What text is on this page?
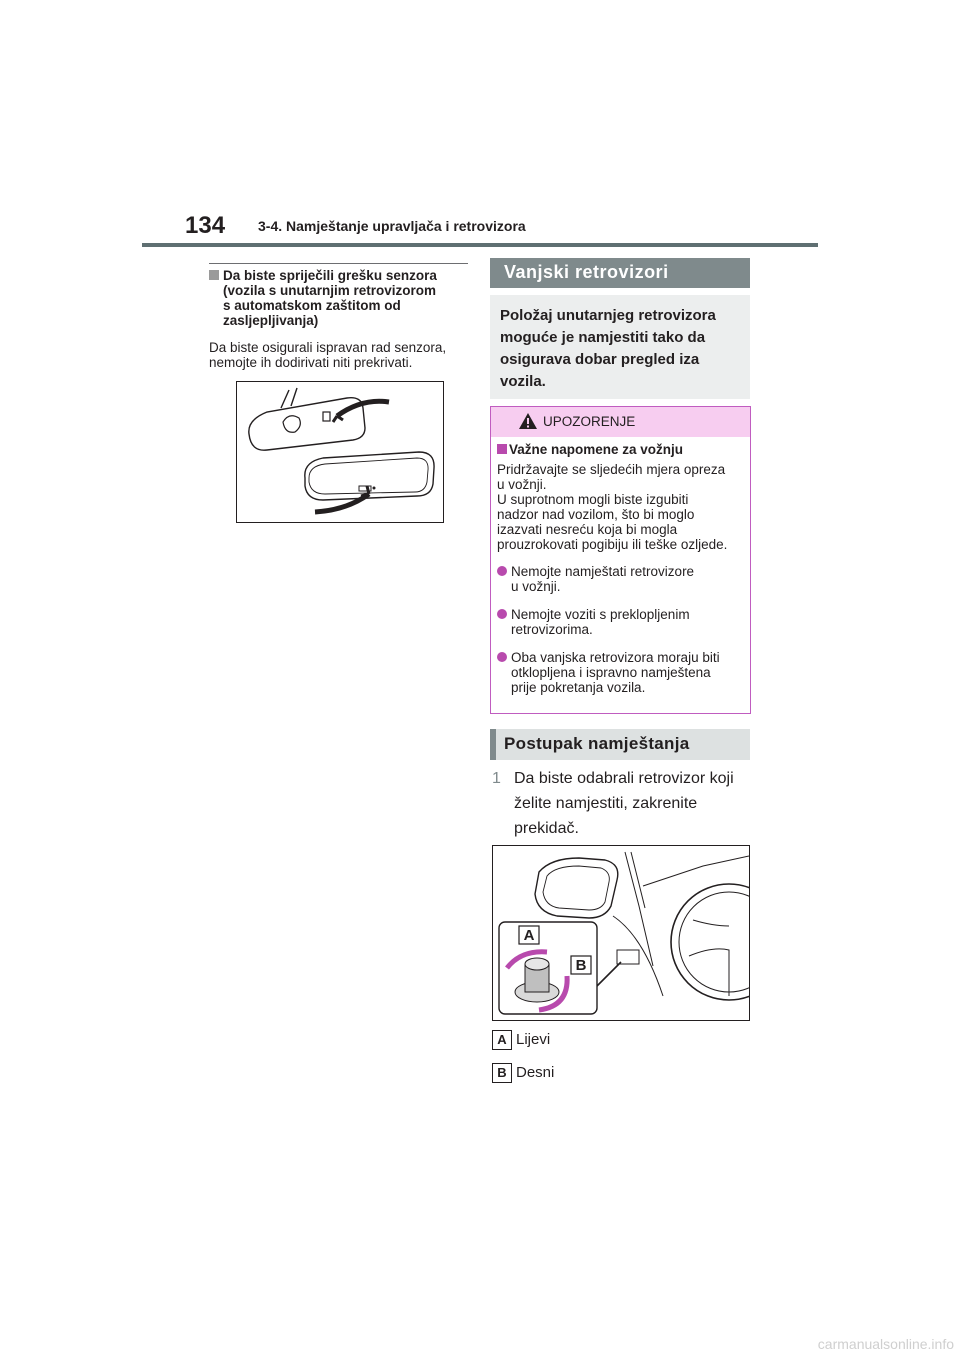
134 3-4. Namještanje upravljača i retrovizora
Da biste spriječili grešku senzora
(vozila s unutarnjim retrovizorom
s automatskom zaštitom od
zasljepljivanja)
Da biste osigurali ispravan rad senzora,
nemojte ih dodirivati niti prekrivati.
Vanjski retrovizori
Položaj unutarnjeg retrovizora
moguće je namjestiti tako da
osigurava dobar pregled iza
vozila.
UPOZORENJE
Važne napomene za vožnju
Pridržavajte se sljedećih mjera opreza
u vožnji.
U suprotnom mogli biste izgubiti
nadzor nad vozilom, što bi moglo
izazvati nesreću koja bi mogla
prouzrokovati pogibiju ili teške ozljede.
Nemojte namještati retrovizore
u vožnji.
Nemojte voziti s preklopljenim
retrovizorima.
Oba vanjska retrovizora moraju biti
otklopljena i ispravno namještena
prije pokretanja vozila.
Postupak namještanja
1 Da biste odabrali retrovizor koji
želite namjestiti, zakrenite
prekidač.
A
B
A Lijevi
B Desni
carmanualsonline.info
